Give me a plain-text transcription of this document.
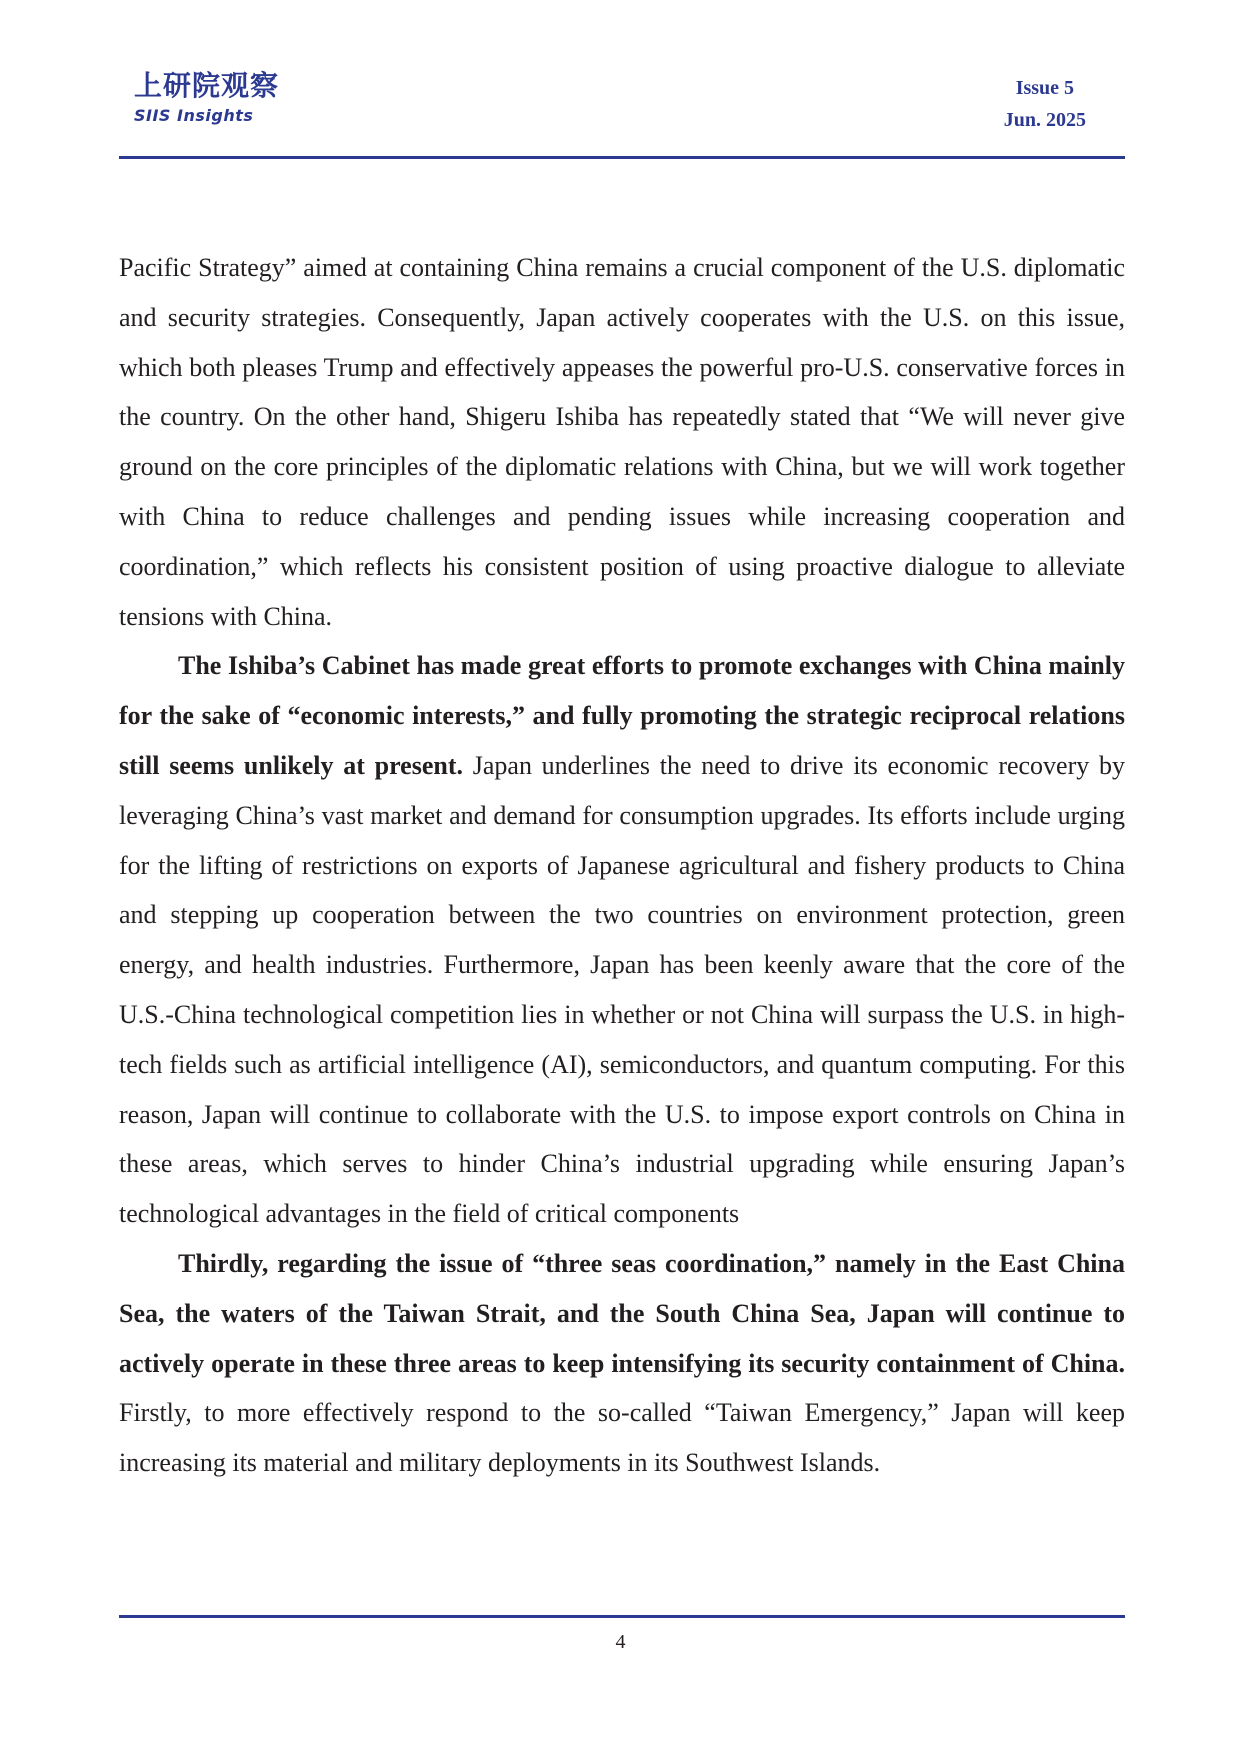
上研院观察
SIIS Insights
Issue 5
Jun. 2025

Pacific Strategy” aimed at containing China remains a crucial component of the U.S. diplomatic and security strategies. Consequently, Japan actively cooperates with the U.S. on this issue, which both pleases Trump and effectively appeases the powerful pro-U.S. conservative forces in the country. On the other hand, Shigeru Ishiba has repeatedly stated that “We will never give ground on the core principles of the diplomatic relations with China, but we will work together with China to reduce challenges and pending issues while increasing cooperation and coordination,” which reflects his consistent position of using proactive dialogue to alleviate tensions with China.

The Ishiba’s Cabinet has made great efforts to promote exchanges with China mainly for the sake of “economic interests,” and fully promoting the strategic reciprocal relations still seems unlikely at present. Japan underlines the need to drive its economic recovery by leveraging China’s vast market and demand for consumption upgrades. Its efforts include urging for the lifting of restrictions on exports of Japanese agricultural and fishery products to China and stepping up cooperation between the two countries on environment protection, green energy, and health industries. Furthermore, Japan has been keenly aware that the core of the U.S.-China technological competition lies in whether or not China will surpass the U.S. in high-tech fields such as artificial intelligence (AI), semiconductors, and quantum computing. For this reason, Japan will continue to collaborate with the U.S. to impose export controls on China in these areas, which serves to hinder China’s industrial upgrading while ensuring Japan’s technological advantages in the field of critical components

Thirdly, regarding the issue of “three seas coordination,” namely in the East China Sea, the waters of the Taiwan Strait, and the South China Sea, Japan will continue to actively operate in these three areas to keep intensifying its security containment of China. Firstly, to more effectively respond to the so-called “Taiwan Emergency,” Japan will keep increasing its material and military deployments in its Southwest Islands.

4
